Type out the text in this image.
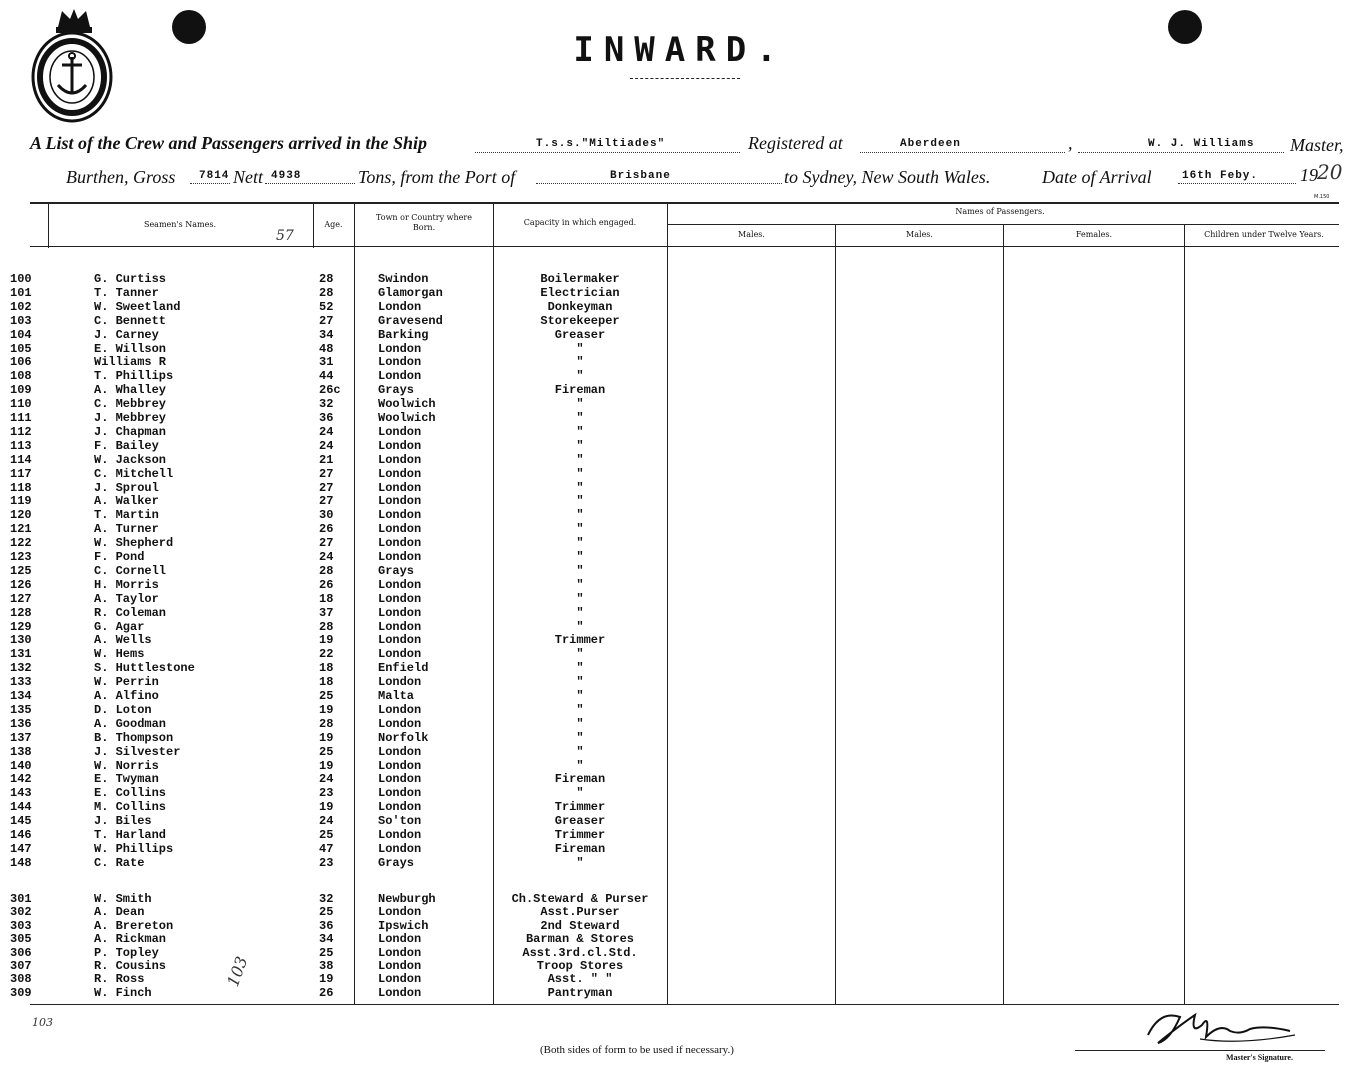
INWARD.
A List of the Crew and Passengers arrived in the Ship	T.s.s."Miltiades"	Registered at	Aberdeen	,	W. J. Williams Master,
Burthen, Gross 7814 Nett 4938	Tons, from the Port of	Brisbane	to Sydney, New South Wales.	Date of Arrival	16th Feby. 19 20
M.150
Seamen's Names.	Age.
Town or Country where Born.
Capacity in which engaged.
Names of Passengers.
Males.	Males.	Females.	Children under Twelve Years.
57
103
103
100	G. Curtiss	28	Swindon	Boilermaker
101	T. Tanner	28	Glamorgan	Electrician
102	W. Sweetland	52	London	Donkeyman
103	C. Bennett	27	Gravesend	Storekeeper
104	J. Carney	34	Barking	Greaser
105	E. Willson	48	London	"
106	Williams R	31	London	"
108	T. Phillips	44	London	"
109	A. Whalley	26c	Grays	Fireman
110	C. Mebbrey	32	Woolwich	"
111	J. Mebbrey	36	Woolwich	"
112	J. Chapman	24	London	"
113	F. Bailey	24	London	"
114	W. Jackson	21	London	"
117	C. Mitchell	27	London	"
118	J. Sproul	27	London	"
119	A. Walker	27	London	"
120	T. Martin	30	London	"
121	A. Turner	26	London	"
122	W. Shepherd	27	London	"
123	F. Pond	24	London	"
125	C. Cornell	28	Grays	"
126	H. Morris	26	London	"
127	A. Taylor	18	London	"
128	R. Coleman	37	London	"
129	G. Agar	28	London	"
130	A. Wells	19	London	Trimmer
131	W. Hems	22	London	"
132	S. Huttlestone	18	Enfield	"
133	W. Perrin	18	London	"
134	A. Alfino	25	Malta	"
135	D. Loton	19	London	"
136	A. Goodman	28	London	"
137	B. Thompson	19	Norfolk	"
138	J. Silvester	25	London	"
140	W. Norris	19	London	"
142	E. Twyman	24	London	Fireman
143	E. Collins	23	London	"
144	M. Collins	19	London	Trimmer
145	J. Biles	24	So'ton	Greaser
146	T. Harland	25	London	Trimmer
147	W. Phillips	47	London	Fireman
148	C. Rate	23	Grays	"
301	W. Smith	32	Newburgh	Ch.Steward & Purser
302	A. Dean	25	London	Asst.Purser
303	A. Brereton	36	Ipswich	2nd Steward
305	A. Rickman	34	London	Barman & Stores
306	P. Topley	25	London	Asst.3rd.cl.Std.
307	R. Cousins	38	London	Troop Stores
308	R. Ross	19	London	Asst. " "
309	W. Finch	26	London	Pantryman
(Both sides of form to be used if necessary.)
Master's Signature.
